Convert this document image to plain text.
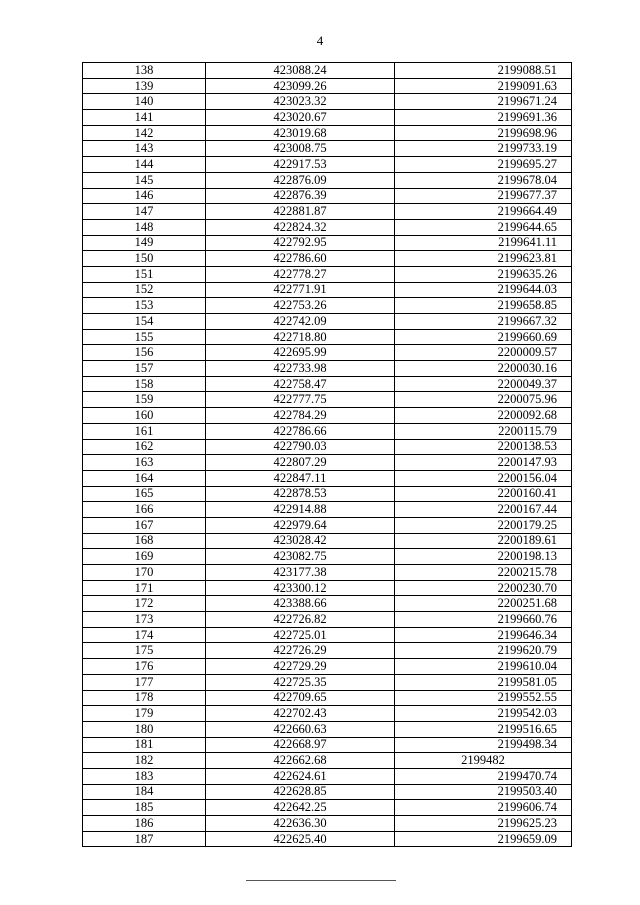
4
138	423088.24	2199088.51
139	423099.26	2199091.63
140	423023.32	2199671.24
141	423020.67	2199691.36
142	423019.68	2199698.96
143	423008.75	2199733.19
144	422917.53	2199695.27
145	422876.09	2199678.04
146	422876.39	2199677.37
147	422881.87	2199664.49
148	422824.32	2199644.65
149	422792.95	2199641.11
150	422786.60	2199623.81
151	422778.27	2199635.26
152	422771.91	2199644.03
153	422753.26	2199658.85
154	422742.09	2199667.32
155	422718.80	2199660.69
156	422695.99	2200009.57
157	422733.98	2200030.16
158	422758.47	2200049.37
159	422777.75	2200075.96
160	422784.29	2200092.68
161	422786.66	2200115.79
162	422790.03	2200138.53
163	422807.29	2200147.93
164	422847.11	2200156.04
165	422878.53	2200160.41
166	422914.88	2200167.44
167	422979.64	2200179.25
168	423028.42	2200189.61
169	423082.75	2200198.13
170	423177.38	2200215.78
171	423300.12	2200230.70
172	423388.66	2200251.68
173	422726.82	2199660.76
174	422725.01	2199646.34
175	422726.29	2199620.79
176	422729.29	2199610.04
177	422725.35	2199581.05
178	422709.65	2199552.55
179	422702.43	2199542.03
180	422660.63	2199516.65
181	422668.97	2199498.34
182	422662.68	2199482
183	422624.61	2199470.74
184	422628.85	2199503.40
185	422642.25	2199606.74
186	422636.30	2199625.23
187	422625.40	2199659.09
